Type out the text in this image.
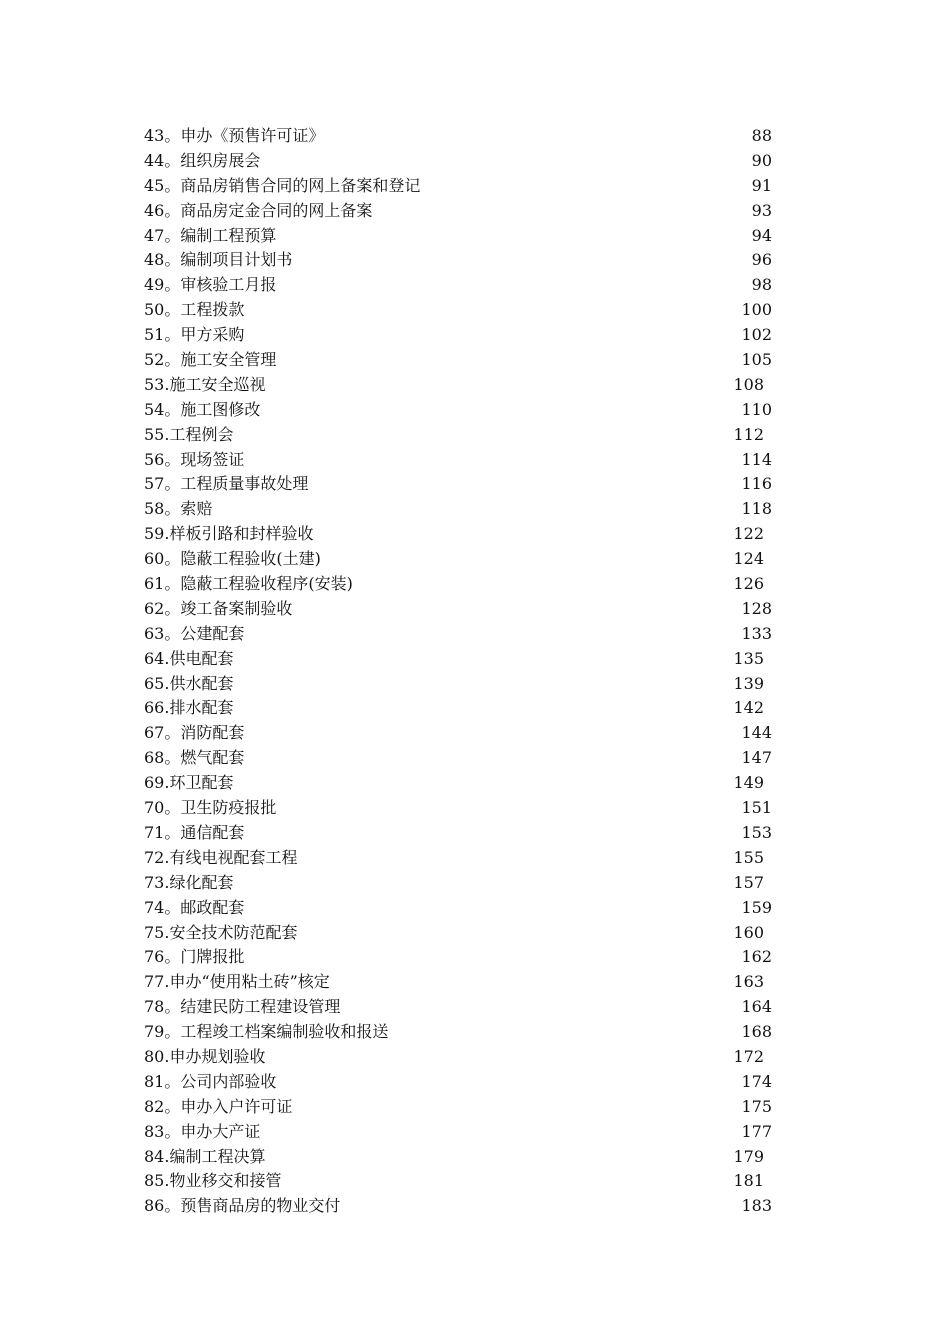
43。申办《预售许可证》	88
44。组织房展会	90
45。商品房销售合同的网上备案和登记	91
46。商品房定金合同的网上备案	93
47。编制工程预算	94
48。编制项目计划书	96
49。审核验工月报	98
50。工程拨款	100
51。甲方采购	102
52。施工安全管理	105
53.施工安全巡视	108
54。施工图修改	110
55.工程例会	112
56。现场签证	114
57。工程质量事故处理	116
58。索赔	118
59.样板引路和封样验收	122
60。隐蔽工程验收(土建)	124
61。隐蔽工程验收程序(安装)	126
62。竣工备案制验收	128
63。公建配套	133
64.供电配套	135
65.供水配套	139
66.排水配套	142
67。消防配套	144
68。燃气配套	147
69.环卫配套	149
70。卫生防疫报批	151
71。通信配套	153
72.有线电视配套工程	155
73.绿化配套	157
74。邮政配套	159
75.安全技术防范配套	160
76。门牌报批	162
77.申办“使用粘土砖”核定	163
78。结建民防工程建设管理	164
79。工程竣工档案编制验收和报送	168
80.申办规划验收	172
81。公司内部验收	174
82。申办入户许可证	175
83。申办大产证	177
84.编制工程决算	179
85.物业移交和接管	181
86。预售商品房的物业交付	183
